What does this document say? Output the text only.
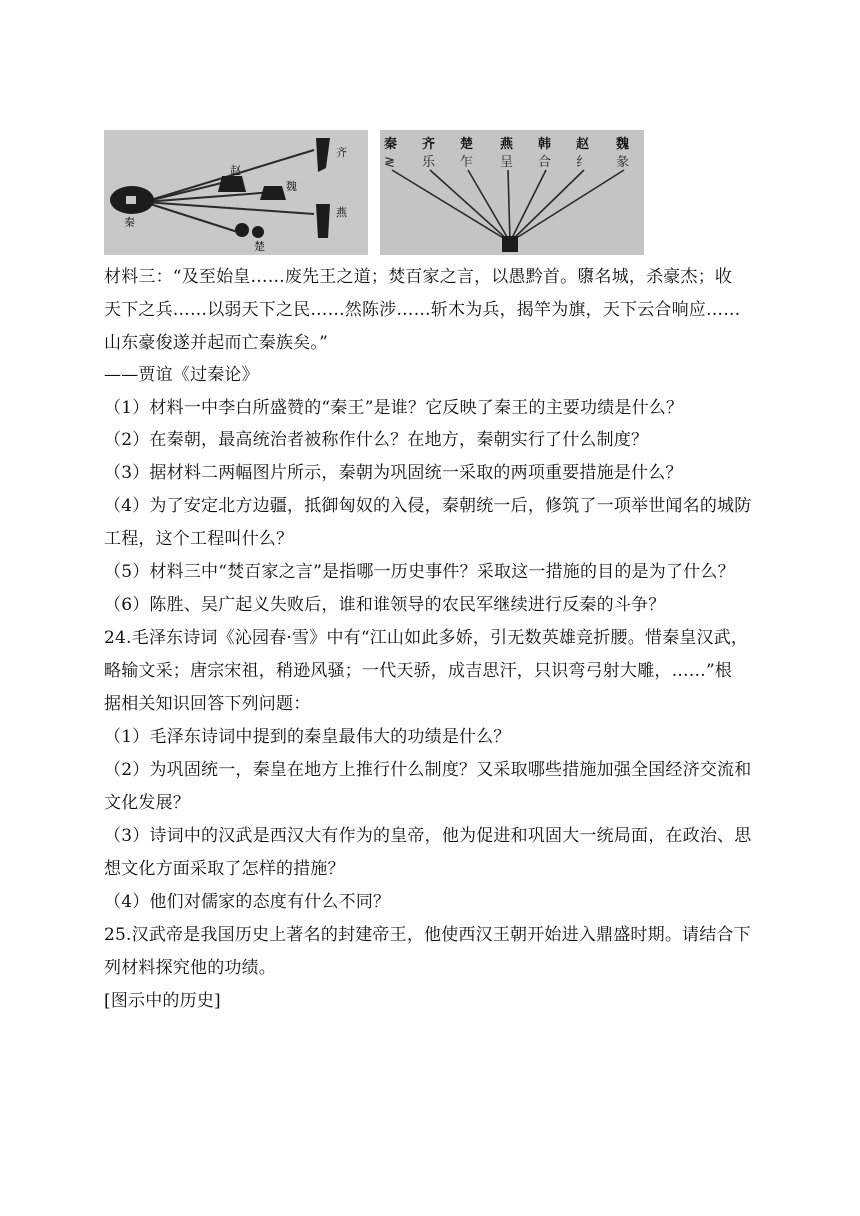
秦
赵
齐
魏
燕
楚
秦 齐 楚 燕 韩 赵 魏
≷ 乐 乍 呈 合 纟 彖
材料三：“及至始皇……废先王之道；焚百家之言，以愚黔首。隳名城，杀豪杰；收
天下之兵……以弱天下之民……然陈涉……斩木为兵，揭竿为旗，天下云合响应……
山东豪俊遂并起而亡秦族矣。”
——贾谊《过秦论》
（1）材料一中李白所盛赞的“秦王”是谁？它反映了秦王的主要功绩是什么？
（2）在秦朝，最高统治者被称作什么？在地方，秦朝实行了什么制度？
（3）据材料二两幅图片所示，秦朝为巩固统一采取的两项重要措施是什么？
（4）为了安定北方边疆，抵御匈奴的入侵，秦朝统一后，修筑了一项举世闻名的城防
工程，这个工程叫什么？
（5）材料三中“焚百家之言”是指哪一历史事件？采取这一措施的目的是为了什么？
（6）陈胜、吴广起义失败后，谁和谁领导的农民军继续进行反秦的斗争？
24.毛泽东诗词《沁园春·雪》中有“江山如此多娇，引无数英雄竞折腰。惜秦皇汉武，
略输文采；唐宗宋祖，稍逊风骚；一代天骄，成吉思汗，只识弯弓射大雕，……”根
据相关知识回答下列问题：
（1）毛泽东诗词中提到的秦皇最伟大的功绩是什么？
（2）为巩固统一，秦皇在地方上推行什么制度？又采取哪些措施加强全国经济交流和
文化发展？
（3）诗词中的汉武是西汉大有作为的皇帝，他为促进和巩固大一统局面，在政治、思
想文化方面采取了怎样的措施？
（4）他们对儒家的态度有什么不同？
25.汉武帝是我国历史上著名的封建帝王，他使西汉王朝开始进入鼎盛时期。请结合下
列材料探究他的功绩。
[图示中的历史]
